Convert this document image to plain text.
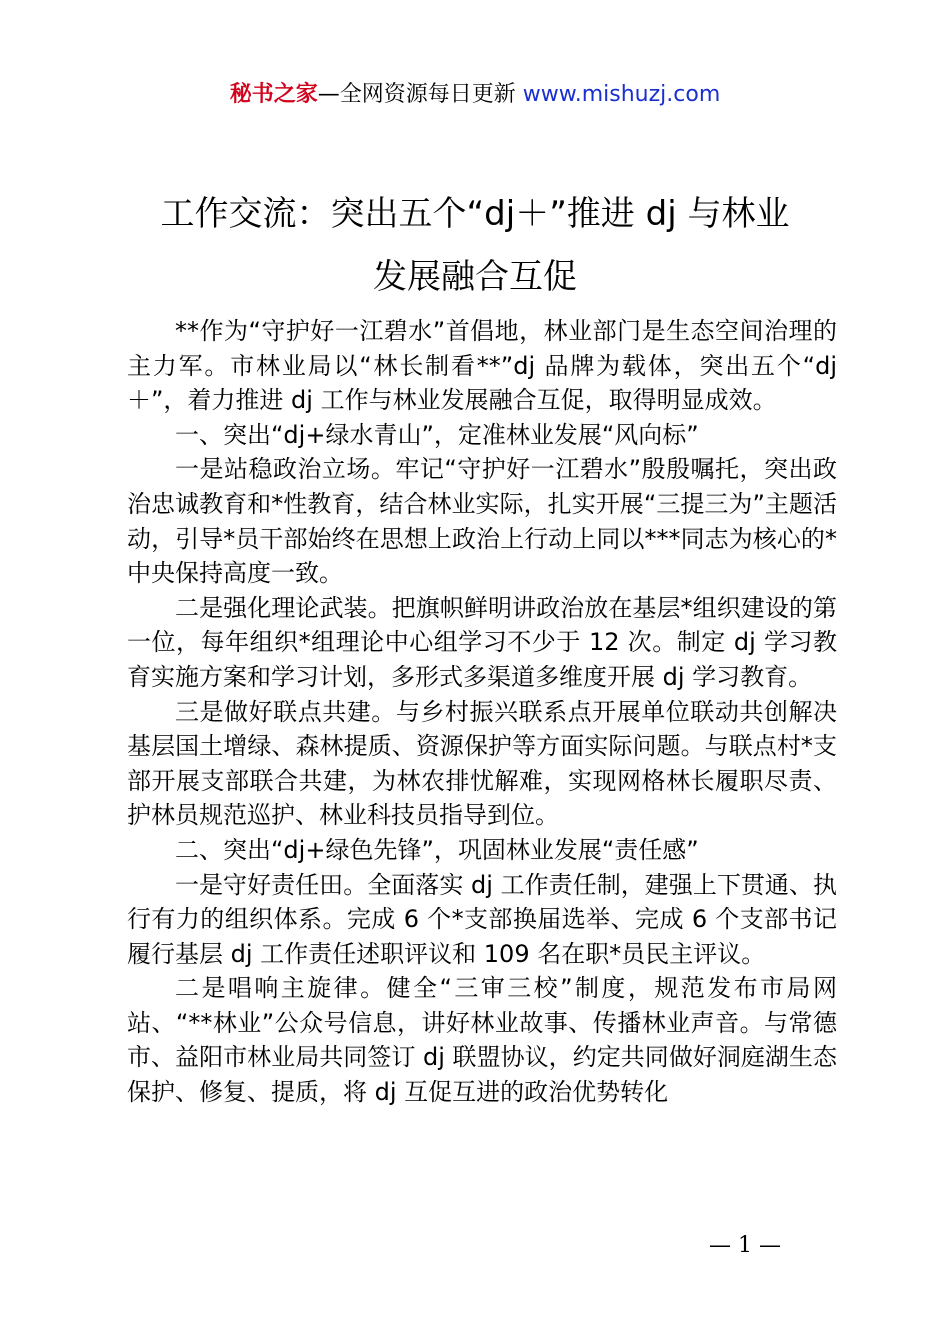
秘书之家—全网资源每日更新 www.mishuzj.com
工作交流：突出五个“dj＋”推进 dj 与林业
发展融合互促

**作为“守护好一江碧水”首倡地，林业部门是生态空间治理的主力军。市林业局以“林长制看**”dj 品牌为载体，突出五个“dj＋”，着力推进 dj 工作与林业发展融合互促，取得明显成效。

一、突出“dj+绿水青山”，定准林业发展“风向标”

一是站稳政治立场。牢记“守护好一江碧水”殷殷嘱托，突出政治忠诚教育和*性教育，结合林业实际，扎实开展“三提三为”主题活动，引导*员干部始终在思想上政治上行动上同以***同志为核心的*中央保持高度一致。

二是强化理论武装。把旗帜鲜明讲政治放在基层*组织建设的第一位，每年组织*组理论中心组学习不少于 12 次。制定 dj 学习教育实施方案和学习计划，多形式多渠道多维度开展 dj 学习教育。

三是做好联点共建。与乡村振兴联系点开展单位联动共创解决基层国土增绿、森林提质、资源保护等方面实际问题。与联点村*支部开展支部联合共建，为林农排忧解难，实现网格林长履职尽责、护林员规范巡护、林业科技员指导到位。

二、突出“dj+绿色先锋”，巩固林业发展“责任感”

一是守好责任田。全面落实 dj 工作责任制，建强上下贯通、执行有力的组织体系。完成 6 个*支部换届选举、完成 6 个支部书记履行基层 dj 工作责任述职评议和 109 名在职*员民主评议。

二是唱响主旋律。健全“三审三校”制度，规范发布市局网站、“**林业”公众号信息，讲好林业故事、传播林业声音。与常德市、益阳市林业局共同签订 dj 联盟协议，约定共同做好洞庭湖生态保护、修复、提质，将 dj 互促互进的政治优势转化

— 1 —
